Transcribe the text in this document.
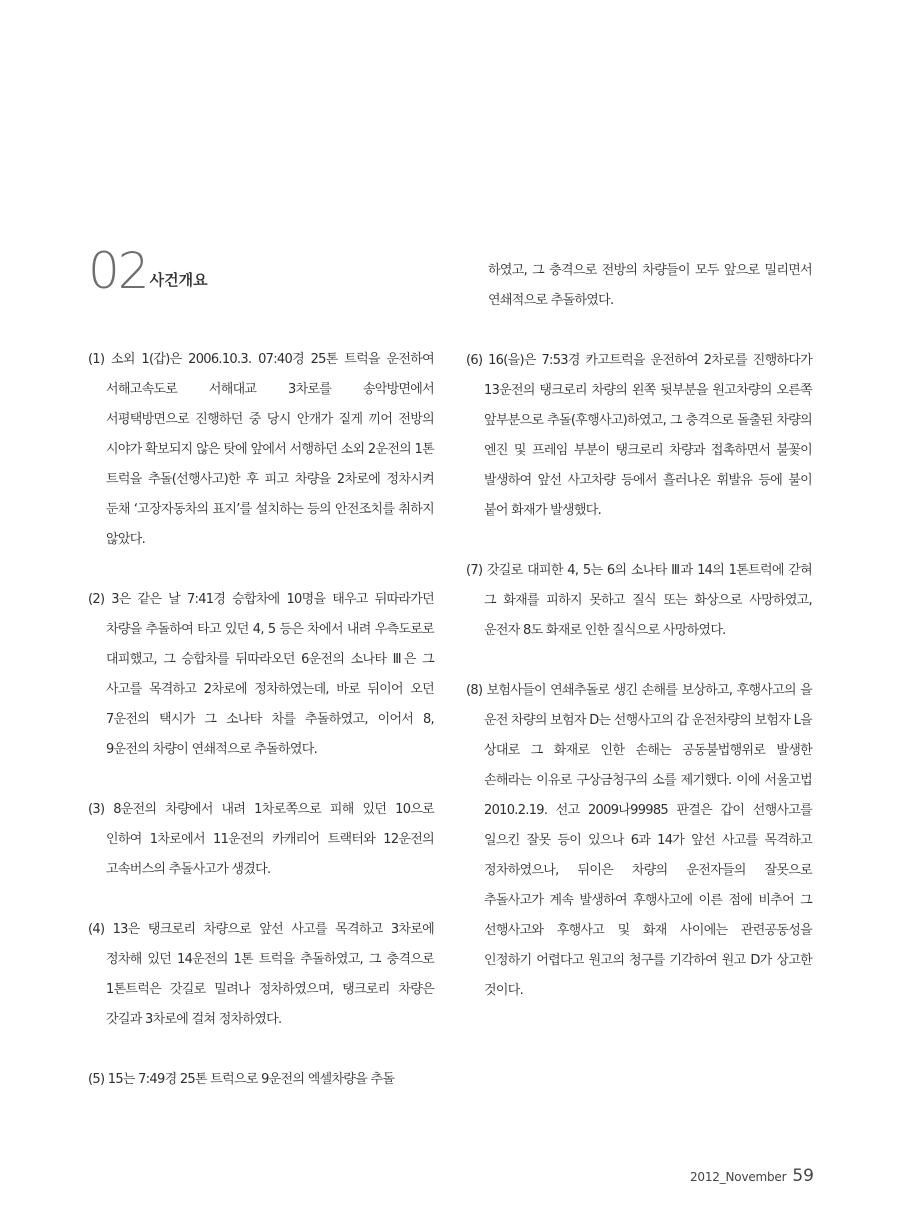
02 사건개요

(1) 소외 1(갑)은 2006.10.3. 07:40경 25톤 트럭을 운전하여 서해고속도로 서해대교 3차로를 송악방면에서 서평택방면으로 진행하던 중 당시 안개가 짙게 끼어 전방의 시야가 확보되지 않은 탓에 앞에서 서행하던 소외 2운전의 1톤 트럭을 추돌(선행사고)한 후 피고 차량을 2차로에 정차시켜 둔채 ‘고장자동차의 표지’를 설치하는 등의 안전조치를 취하지 않았다.

(2) 3은 같은 날 7:41경 승합차에 10명을 태우고 뒤따라가던 차량을 추돌하여 타고 있던 4, 5 등은 차에서 내려 우측도로로 대피했고, 그 승합차를 뒤따라오던 6운전의 소나타 Ⅲ은 그 사고를 목격하고 2차로에 정차하였는데, 바로 뒤이어 오던 7운전의 택시가 그 소나타 차를 추돌하였고, 이어서 8, 9운전의 차량이 연쇄적으로 추돌하였다.

(3) 8운전의 차량에서 내려 1차로쪽으로 피해 있던 10으로 인하여 1차로에서 11운전의 카캐리어 트랙터와 12운전의 고속버스의 추돌사고가 생겼다.

(4) 13은 탱크로리 차량으로 앞선 사고를 목격하고 3차로에 정차해 있던 14운전의 1톤 트럭을 추돌하였고, 그 충격으로 1톤트럭은 갓길로 밀려나 정차하였으며, 탱크로리 차량은 갓길과 3차로에 걸쳐 정차하였다.

(5) 15는 7:49경 25톤 트럭으로 9운전의 엑셀차량을 추돌

하였고, 그 충격으로 전방의 차량들이 모두 앞으로 밀리면서 연쇄적으로 추돌하였다.

(6) 16(을)은 7:53경 카고트럭을 운전하여 2차로를 진행하다가 13운전의 탱크로리 차량의 왼쪽 뒷부분을 원고차량의 오른쪽 앞부분으로 추돌(후행사고)하였고, 그 충격으로 돌출된 차량의 엔진 및 프레임 부분이 탱크로리 차량과 접촉하면서 불꽃이 발생하여 앞선 사고차량 등에서 흘러나온 휘발유 등에 불이 붙어 화재가 발생했다.

(7) 갓길로 대피한 4, 5는 6의 소나타 Ⅲ과 14의 1톤트럭에 갇혀 그 화재를 피하지 못하고 질식 또는 화상으로 사망하였고, 운전자 8도 화재로 인한 질식으로 사망하였다.

(8) 보험사들이 연쇄추돌로 생긴 손해를 보상하고, 후행사고의 을 운전 차량의 보험자 D는 선행사고의 갑 운전차량의 보험자 L을 상대로 그 화재로 인한 손해는 공동불법행위로 발생한 손해라는 이유로 구상금청구의 소를 제기했다. 이에 서울고법 2010.2.19. 선고 2009나99985 판결은 갑이 선행사고를 일으킨 잘못 등이 있으나 6과 14가 앞선 사고를 목격하고 정차하였으나, 뒤이은 차량의 운전자들의 잘못으로 추돌사고가 계속 발생하여 후행사고에 이른 점에 비추어 그 선행사고와 후행사고 및 화재 사이에는 관련공동성을 인정하기 어렵다고 원고의 청구를 기각하여 원고 D가 상고한 것이다.

2012_November 59
